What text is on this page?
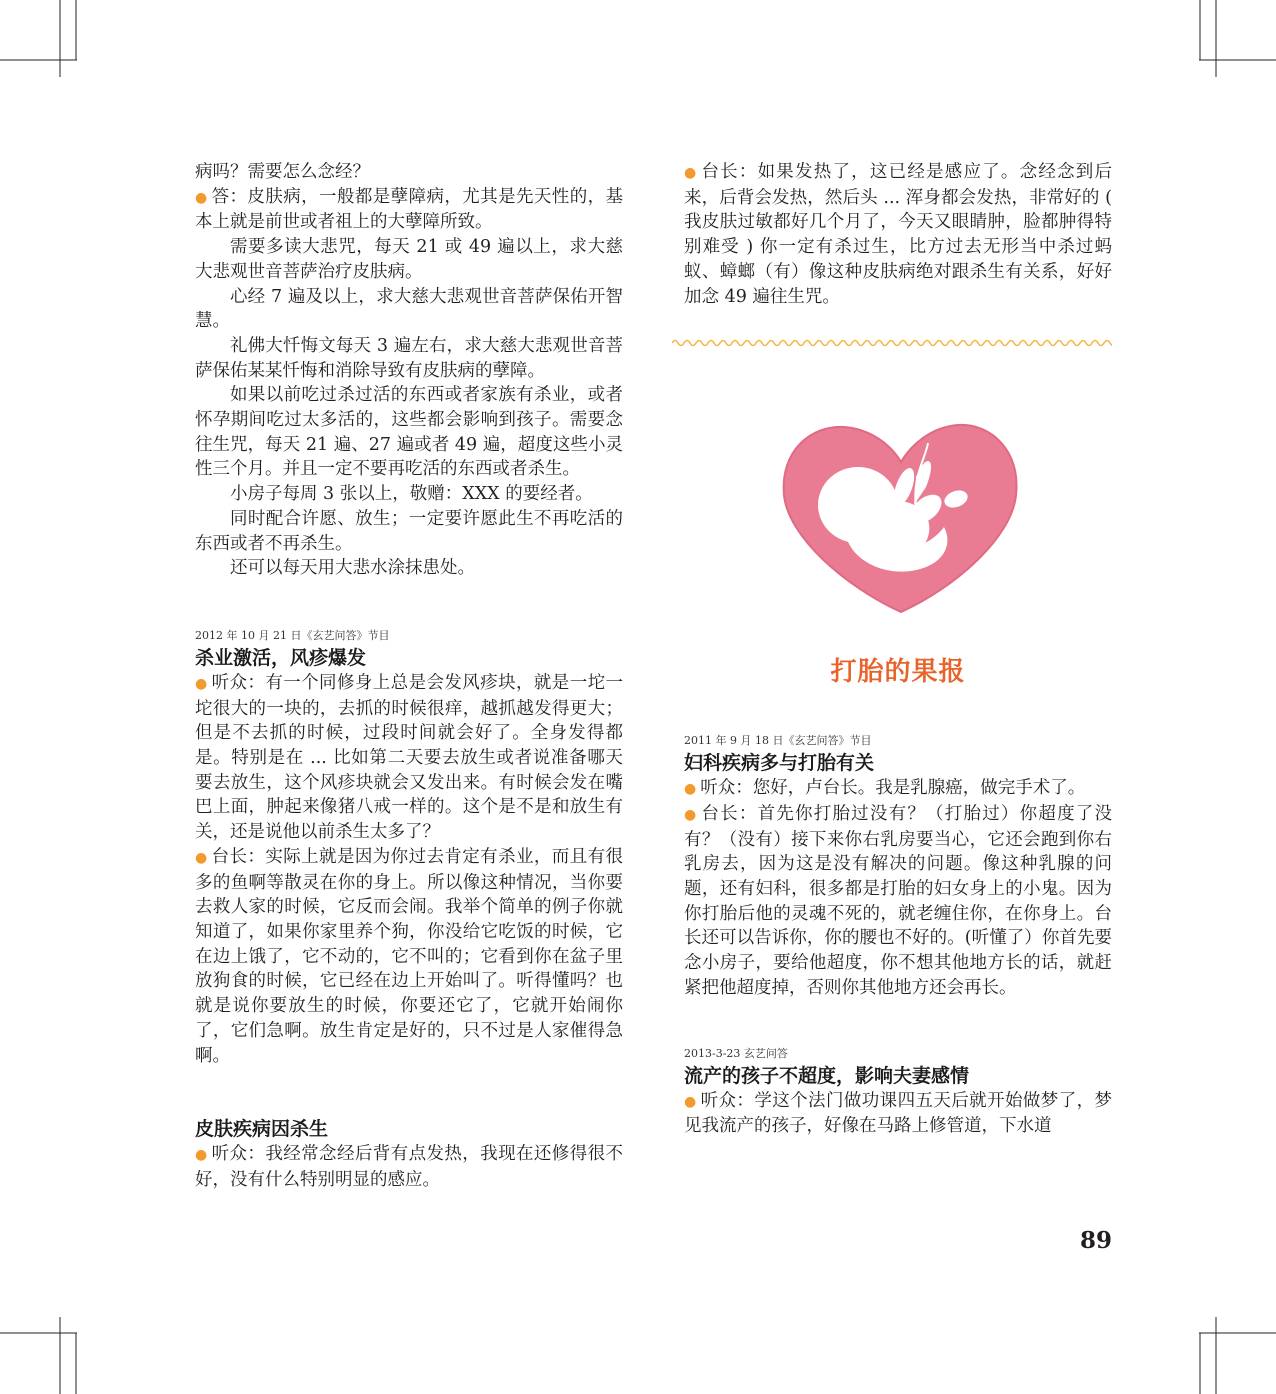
病吗？需要怎么念经？

● 答：皮肤病，一般都是孽障病，尤其是先天性的，基本上就是前世或者祖上的大孽障所致。

需要多读大悲咒，每天 21 或 49 遍以上，求大慈大悲观世音菩萨治疗皮肤病。

心经 7 遍及以上，求大慈大悲观世音菩萨保佑开智慧。

礼佛大忏悔文每天 3 遍左右，求大慈大悲观世音菩萨保佑某某忏悔和消除导致有皮肤病的孽障。

如果以前吃过杀过活的东西或者家族有杀业，或者怀孕期间吃过太多活的，这些都会影响到孩子。需要念往生咒，每天 21 遍、27 遍或者 49 遍，超度这些小灵性三个月。并且一定不要再吃活的东西或者杀生。

小房子每周 3 张以上，敬赠：XXX 的要经者。

同时配合许愿、放生；一定要许愿此生不再吃活的东西或者不再杀生。

还可以每天用大悲水涂抹患处。

2012 年 10 月 21 日《玄艺问答》节目

杀业激活，风疹爆发

● 听众：有一个同修身上总是会发风疹块，就是一坨一坨很大的一块的，去抓的时候很痒，越抓越发得更大；但是不去抓的时候，过段时间就会好了。全身发得都是。特别是在 ... 比如第二天要去放生或者说准备哪天要去放生，这个风疹块就会又发出来。有时候会发在嘴巴上面，肿起来像猪八戒一样的。这个是不是和放生有关，还是说他以前杀生太多了？

● 台长：实际上就是因为你过去肯定有杀业，而且有很多的鱼啊等散灵在你的身上。所以像这种情况，当你要去救人家的时候，它反而会闹。我举个简单的例子你就知道了，如果你家里养个狗，你没给它吃饭的时候，它在边上饿了，它不动的，它不叫的；它看到你在盆子里放狗食的时候，它已经在边上开始叫了。听得懂吗？也就是说你要放生的时候，你要还它了，它就开始闹你了，它们急啊。放生肯定是好的，只不过是人家催得急啊。

皮肤疾病因杀生

● 听众：我经常念经后背有点发热，我现在还修得很不好，没有什么特别明显的感应。

● 台长：如果发热了，这已经是感应了。念经念到后来，后背会发热，然后头 ... 浑身都会发热，非常好的 ( 我皮肤过敏都好几个月了，今天又眼睛肿，脸都肿得特别难受 ) 你一定有杀过生，比方过去无形当中杀过蚂蚁、蟑螂（有）像这种皮肤病绝对跟杀生有关系，好好加念 49 遍往生咒。

打胎的果报

2011 年 9 月 18 日《玄艺问答》节目

妇科疾病多与打胎有关

● 听众：您好，卢台长。我是乳腺癌，做完手术了。

● 台长：首先你打胎过没有？（打胎过）你超度了没有？（没有）接下来你右乳房要当心，它还会跑到你右乳房去，因为这是没有解决的问题。像这种乳腺的问题，还有妇科，很多都是打胎的妇女身上的小鬼。因为你打胎后他的灵魂不死的，就老缠住你，在你身上。台长还可以告诉你，你的腰也不好的。(听懂了）你首先要念小房子，要给他超度，你不想其他地方长的话，就赶紧把他超度掉，否则你其他地方还会再长。

2013-3-23 玄艺问答

流产的孩子不超度，影响夫妻感情

● 听众：学这个法门做功课四五天后就开始做梦了，梦见我流产的孩子，好像在马路上修管道，下水道

89
